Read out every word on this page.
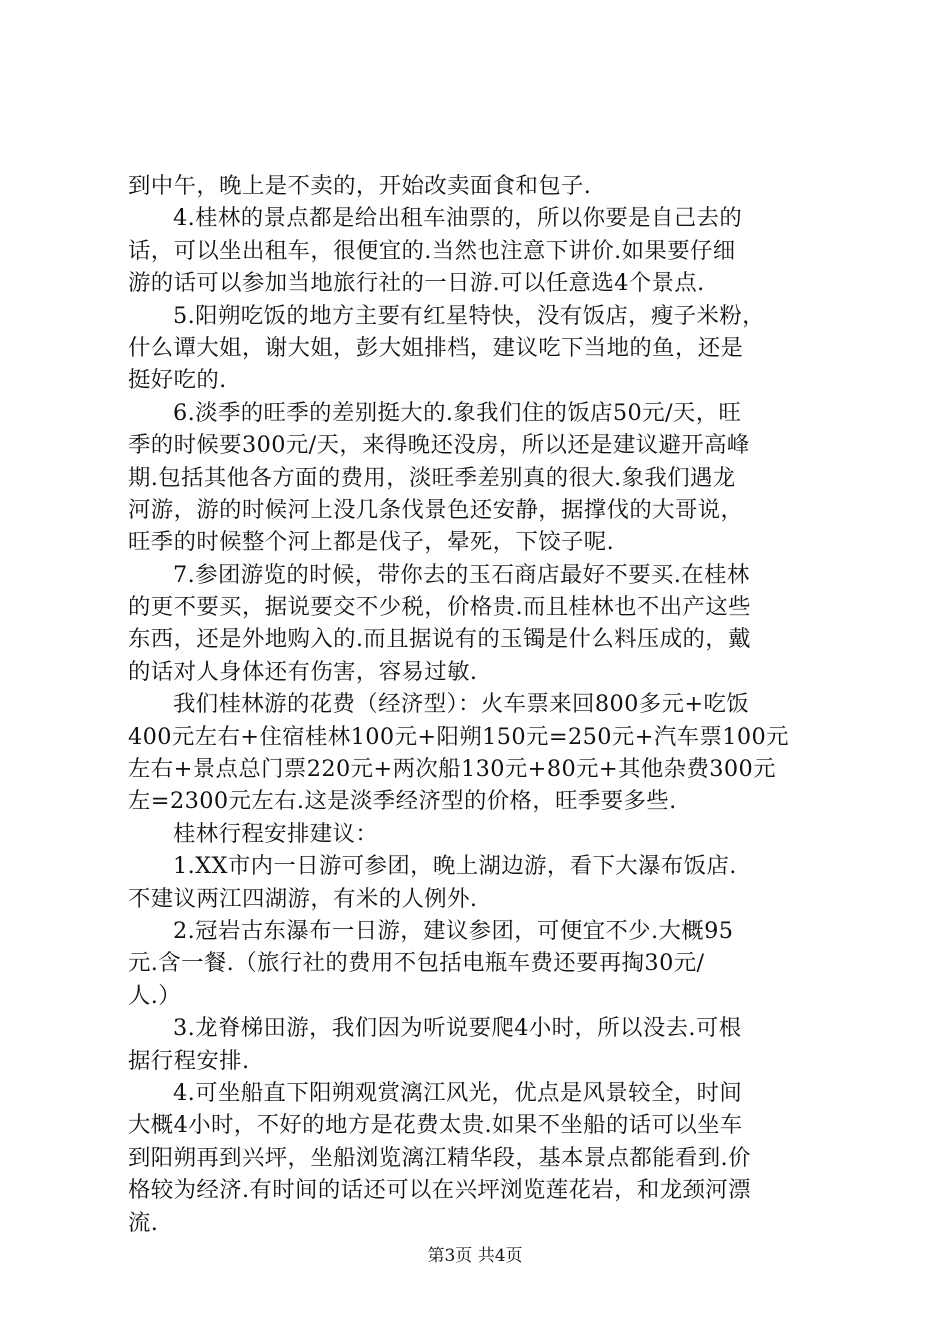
到中午，晚上是不卖的，开始改卖面食和包子.
4.桂林的景点都是给出租车油票的，所以你要是自己去的
话，可以坐出租车，很便宜的.当然也注意下讲价.如果要仔细
游的话可以参加当地旅行社的一日游.可以任意选4个景点.
5.阳朔吃饭的地方主要有红星特快，没有饭店，瘦子米粉，
什么谭大姐，谢大姐，彭大姐排档，建议吃下当地的鱼，还是
挺好吃的.
6.淡季的旺季的差别挺大的.象我们住的饭店50元/天，旺
季的时候要300元/天，来得晚还没房，所以还是建议避开高峰
期.包括其他各方面的费用，淡旺季差别真的很大.象我们遇龙
河游，游的时候河上没几条伐景色还安静，据撑伐的大哥说，
旺季的时候整个河上都是伐子，晕死，下饺子呢.
7.参团游览的时候，带你去的玉石商店最好不要买.在桂林
的更不要买，据说要交不少税，价格贵.而且桂林也不出产这些
东西，还是外地购入的.而且据说有的玉镯是什么料压成的，戴
的话对人身体还有伤害，容易过敏.
我们桂林游的花费（经济型）：火车票来回800多元+吃饭
400元左右+住宿桂林100元+阳朔150元=250元+汽车票100元
左右+景点总门票220元+两次船130元+80元+其他杂费300元
左=2300元左右.这是淡季经济型的价格，旺季要多些.
桂林行程安排建议：
1.XX市内一日游可参团，晚上湖边游，看下大瀑布饭店.
不建议两江四湖游，有米的人例外.
2.冠岩古东瀑布一日游，建议参团，可便宜不少.大概95
元.含一餐.（旅行社的费用不包括电瓶车费还要再掏30元/
人.）
3.龙脊梯田游，我们因为听说要爬4小时，所以没去.可根
据行程安排.
4.可坐船直下阳朔观赏漓江风光，优点是风景较全，时间
大概4小时，不好的地方是花费太贵.如果不坐船的话可以坐车
到阳朔再到兴坪，坐船浏览漓江精华段，基本景点都能看到.价
格较为经济.有时间的话还可以在兴坪浏览莲花岩，和龙颈河漂
流.
第3页 共4页
